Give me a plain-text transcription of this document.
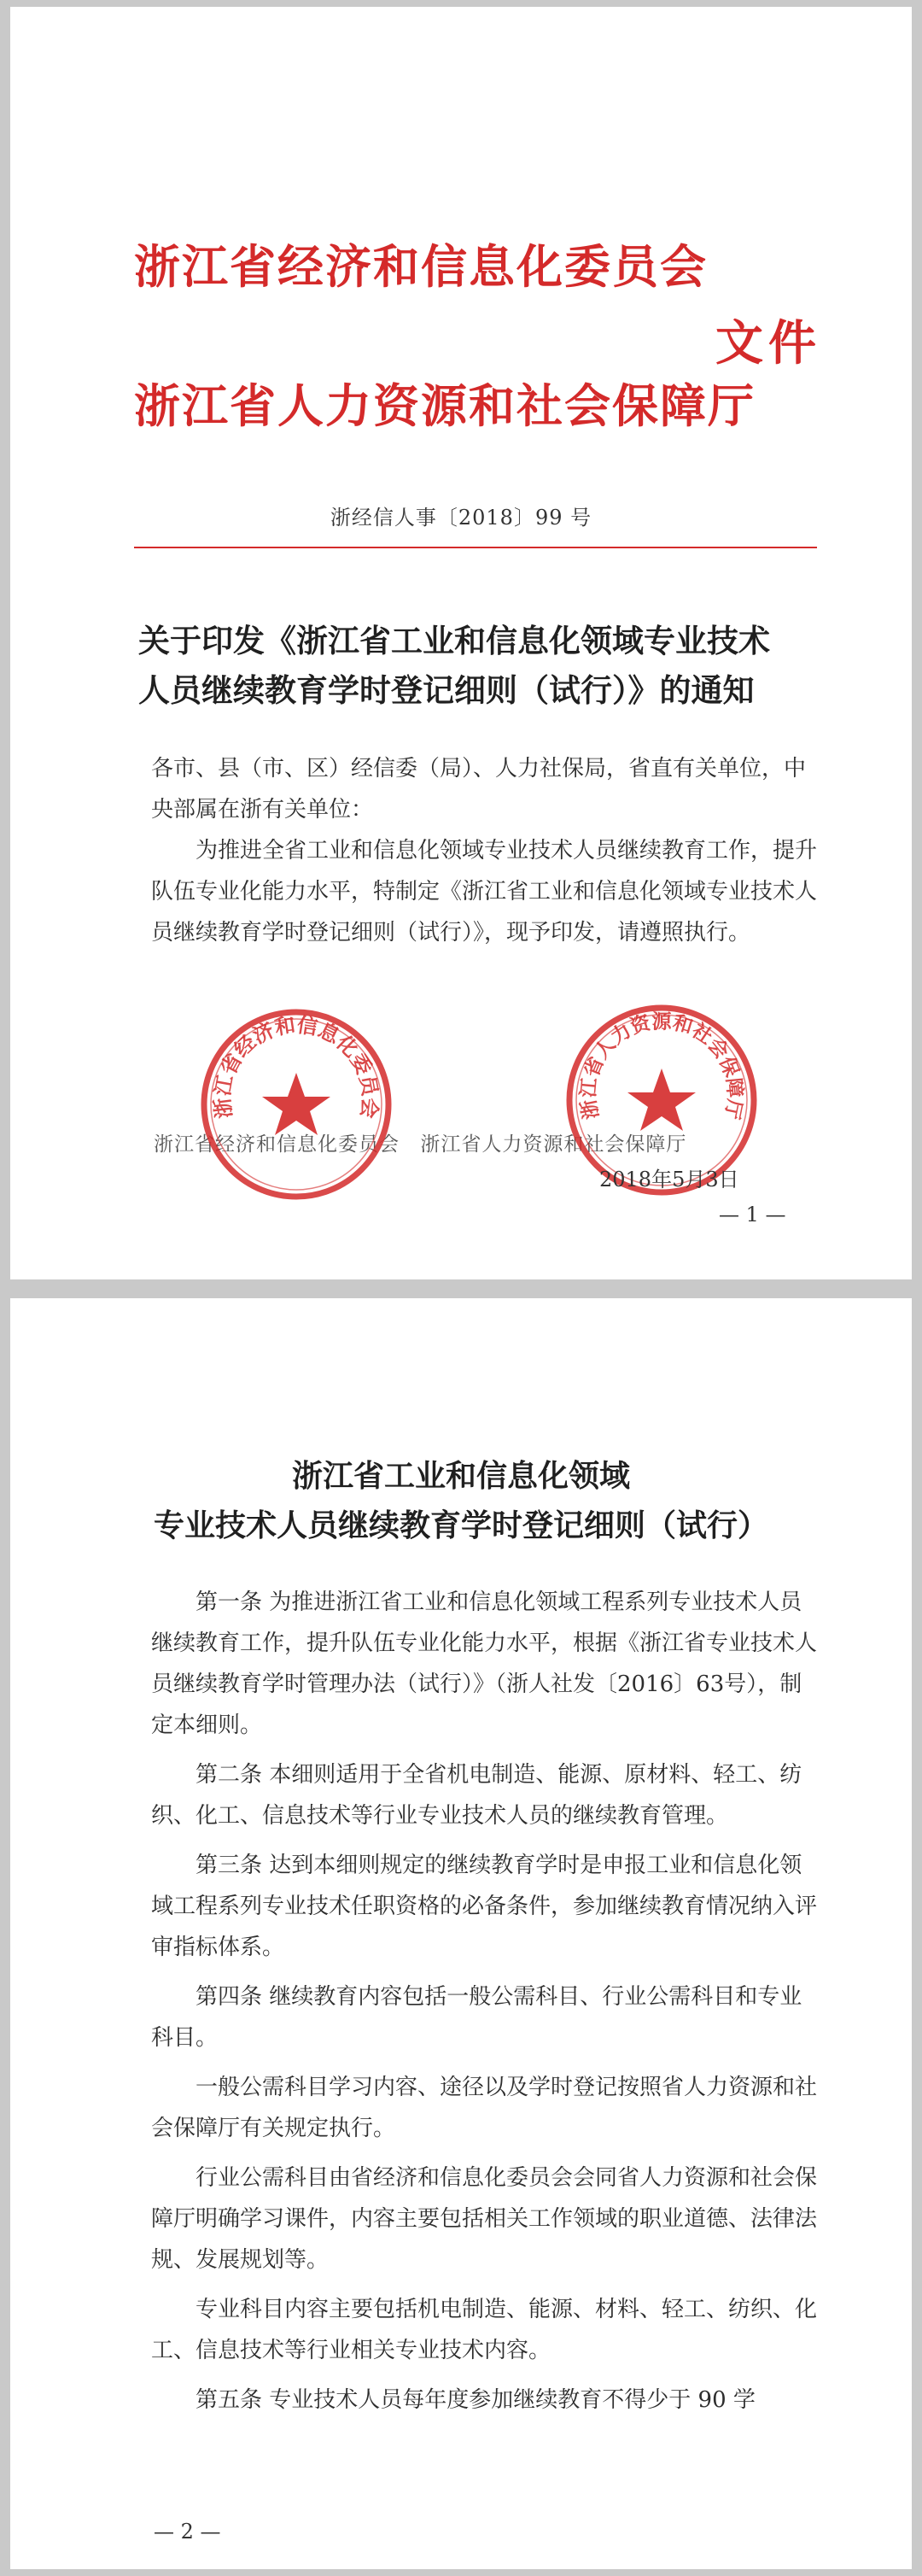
浙江省经济和信息化委员会
文件
浙江省人力资源和社会保障厅
浙经信人事〔2018〕99 号
关于印发《浙江省工业和信息化领域专业技术
人员继续教育学时登记细则（试行）》的通知

各市、县（市、区）经信委（局）、人力社保局，省直有关单位，中央部属在浙有关单位：

为推进全省工业和信息化领域专业技术人员继续教育工作，提升队伍专业化能力水平，特制定《浙江省工业和信息化领域专业技术人员继续教育学时登记细则（试行）》，现予印发，请遵照执行。

浙江省经济和信息化委员会 浙江省人力资源和社会保障厅
浙江省经济和信息化委员会	浙江省人力资源和社会保障厅
2018年5月3日
— 1 —
浙江省工业和信息化领域
专业技术人员继续教育学时登记细则（试行）

第一条 为推进浙江省工业和信息化领域工程系列专业技术人员继续教育工作，提升队伍专业化能力水平，根据《浙江省专业技术人员继续教育学时管理办法（试行）》（浙人社发〔2016〕63号），制定本细则。

第二条 本细则适用于全省机电制造、能源、原材料、轻工、纺织、化工、信息技术等行业专业技术人员的继续教育管理。

第三条 达到本细则规定的继续教育学时是申报工业和信息化领域工程系列专业技术任职资格的必备条件，参加继续教育情况纳入评审指标体系。

第四条 继续教育内容包括一般公需科目、行业公需科目和专业科目。

一般公需科目学习内容、途径以及学时登记按照省人力资源和社会保障厅有关规定执行。

行业公需科目由省经济和信息化委员会会同省人力资源和社会保障厅明确学习课件，内容主要包括相关工作领域的职业道德、法律法规、发展规划等。

专业科目内容主要包括机电制造、能源、材料、轻工、纺织、化工、信息技术等行业相关专业技术内容。

第五条 专业技术人员每年度参加继续教育不得少于 90 学

— 2 —
